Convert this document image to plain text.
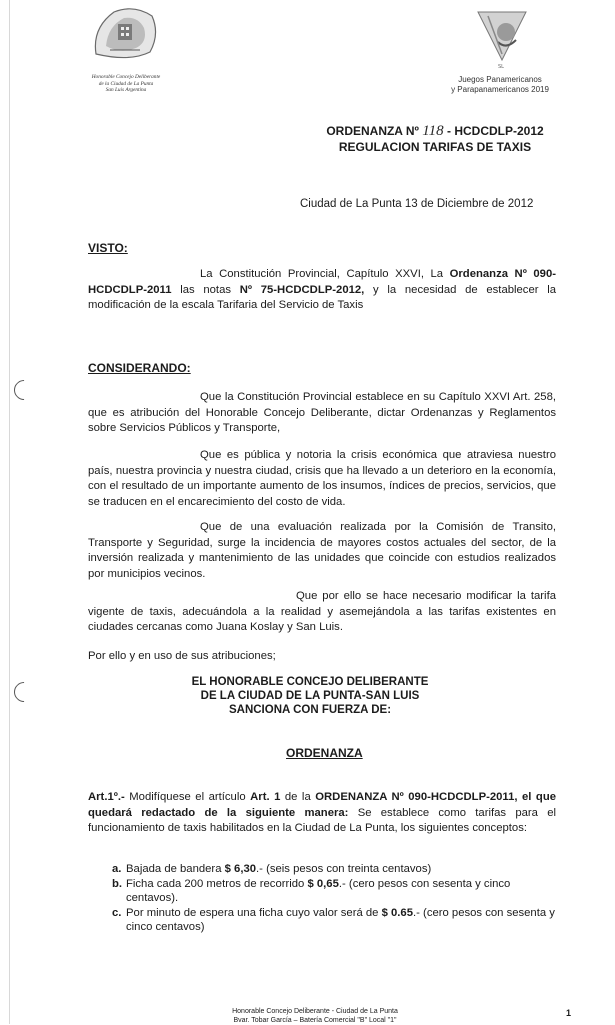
Honorable Concejo Deliberante
de la Ciudad de La Punta
San Luis Argentina
SL
Juegos Panamericanos
y Parapanamericanos 2019
ORDENANZA Nº 118 - HCDCDLP-2012
REGULACION TARIFAS DE TAXIS
Ciudad de La Punta 13 de Diciembre de 2012
VISTO:

La Constitución Provincial, Capítulo XXVI, La Ordenanza Nº 090-HCDCDLP-2011 las notas Nº 75-HCDCDLP-2012, y la necesidad de establecer la modificación de la escala Tarifaria del Servicio de Taxis

CONSIDERANDO:

Que la Constitución Provincial establece en su Capítulo XXVI Art. 258, que es atribución del Honorable Concejo Deliberante, dictar Ordenanzas y Reglamentos sobre Servicios Públicos y Transporte,

Que es pública y notoria la crisis económica que atraviesa nuestro país, nuestra provincia y nuestra ciudad, crisis que ha llevado a un deterioro en la economía, con el resultado de un importante aumento de los insumos, índices de precios, servicios, que se traducen en el encarecimiento del costo de vida.

Que de una evaluación realizada por la Comisión de Transito, Transporte y Seguridad, surge la incidencia de mayores costos actuales del sector, de la inversión realizada y mantenimiento de las unidades que coincide con estudios realizados por municipios vecinos.

Que por ello se hace necesario modificar la tarifa vigente de taxis, adecuándola a la realidad y asemejándola a las tarifas existentes en ciudades cercanas como Juana Koslay y San Luis.

Por ello y en uso de sus atribuciones;

EL HONORABLE CONCEJO DELIBERANTE
DE LA CIUDAD DE LA PUNTA-SAN LUIS
SANCIONA CON FUERZA DE:
ORDENANZA

Art.1º.- Modifíquese el artículo Art. 1 de la ORDENANZA Nº 090-HCDCDLP-2011, el que quedará redactado de la siguiente manera: Se establece como tarifas para el funcionamiento de taxis habilitados en la Ciudad de La Punta, los siguientes conceptos:

a. Bajada de bandera $ 6,30.- (seis pesos con treinta centavos)
b. Ficha cada 200 metros de recorrido $ 0,65.- (cero pesos con sesenta y cinco centavos).
c. Por minuto de espera una ficha cuyo valor será de $ 0.65.- (cero pesos con sesenta y cinco centavos)
Honorable Concejo Deliberante - Ciudad de La Punta
Bvar. Tobar García – Batería Comercial "B" Local "1"
1
